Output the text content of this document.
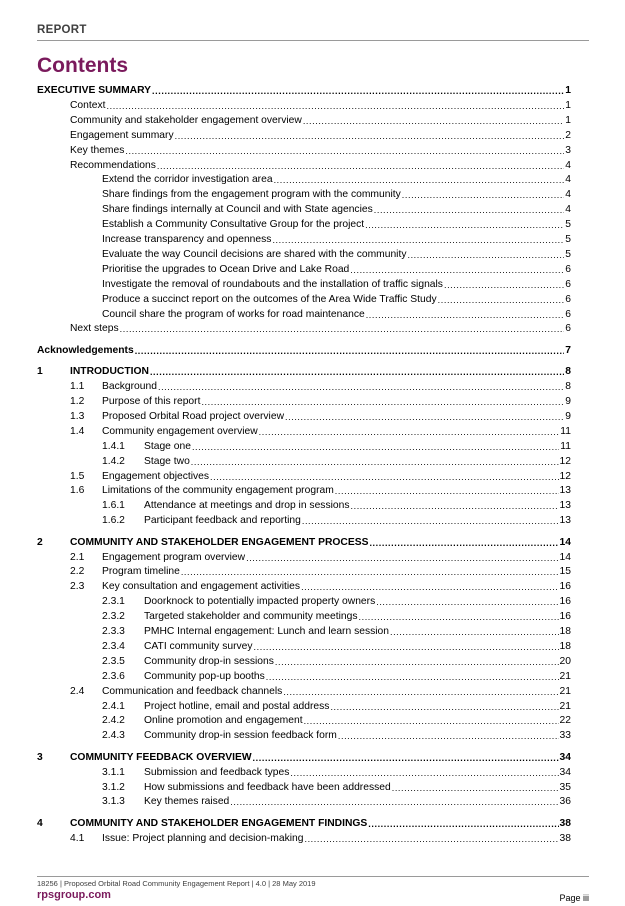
REPORT
Contents
EXECUTIVE SUMMARY .....	1
Context .....	1
Community and stakeholder engagement overview .....	1
Engagement summary .....	2
Key themes .....	3
Recommendations .....	4
Extend the corridor investigation area .....	4
Share findings from the engagement program with the community .....	4
Share findings internally at Council and with State agencies .....	4
Establish a Community Consultative Group for the project .....	5
Increase transparency and openness .....	5
Evaluate the way Council decisions are shared with the community .....	5
Prioritise the upgrades to Ocean Drive and Lake Road .....	6
Investigate the removal of roundabouts and the installation of traffic signals .....	6
Produce a succinct report on the outcomes of the Area Wide Traffic Study .....	6
Council share the program of works for road maintenance .....	6
Next steps .....	6
Acknowledgements .....	7
1	INTRODUCTION .....	8
1.1 Background .....	8
1.2 Purpose of this report .....	9
1.3 Proposed Orbital Road project overview .....	9
1.4 Community engagement overview .....	11
1.4.1 Stage one .....	11
1.4.2 Stage two .....	12
1.5 Engagement objectives .....	12
1.6 Limitations of the community engagement program .....	13
1.6.1 Attendance at meetings and drop in sessions .....	13
1.6.2 Participant feedback and reporting .....	13
2	COMMUNITY AND STAKEHOLDER ENGAGEMENT PROCESS .....	14
2.1 Engagement program overview .....	14
2.2 Program timeline .....	15
2.3 Key consultation and engagement activities .....	16
2.3.1 Doorknock to potentially impacted property owners .....	16
2.3.2 Targeted stakeholder and community meetings .....	16
2.3.3 PMHC Internal engagement: Lunch and learn session .....	18
2.3.4 CATI community survey .....	18
2.3.5 Community drop-in sessions .....	20
2.3.6 Community pop-up booths .....	21
2.4 Communication and feedback channels .....	21
2.4.1 Project hotline, email and postal address .....	21
2.4.2 Online promotion and engagement .....	22
2.4.3 Community drop-in session feedback form .....	33
3	COMMUNITY FEEDBACK OVERVIEW .....	34
3.1.1 Submission and feedback types .....	34
3.1.2 How submissions and feedback have been addressed .....	35
3.1.3 Key themes raised .....	36
4	COMMUNITY AND STAKEHOLDER ENGAGEMENT FINDINGS .....	38
4.1 Issue: Project planning and decision-making .....	38
18256 | Proposed Orbital Road Community Engagement Report | 4.0 | 28 May 2019
rpsgroup.com	Page iii
